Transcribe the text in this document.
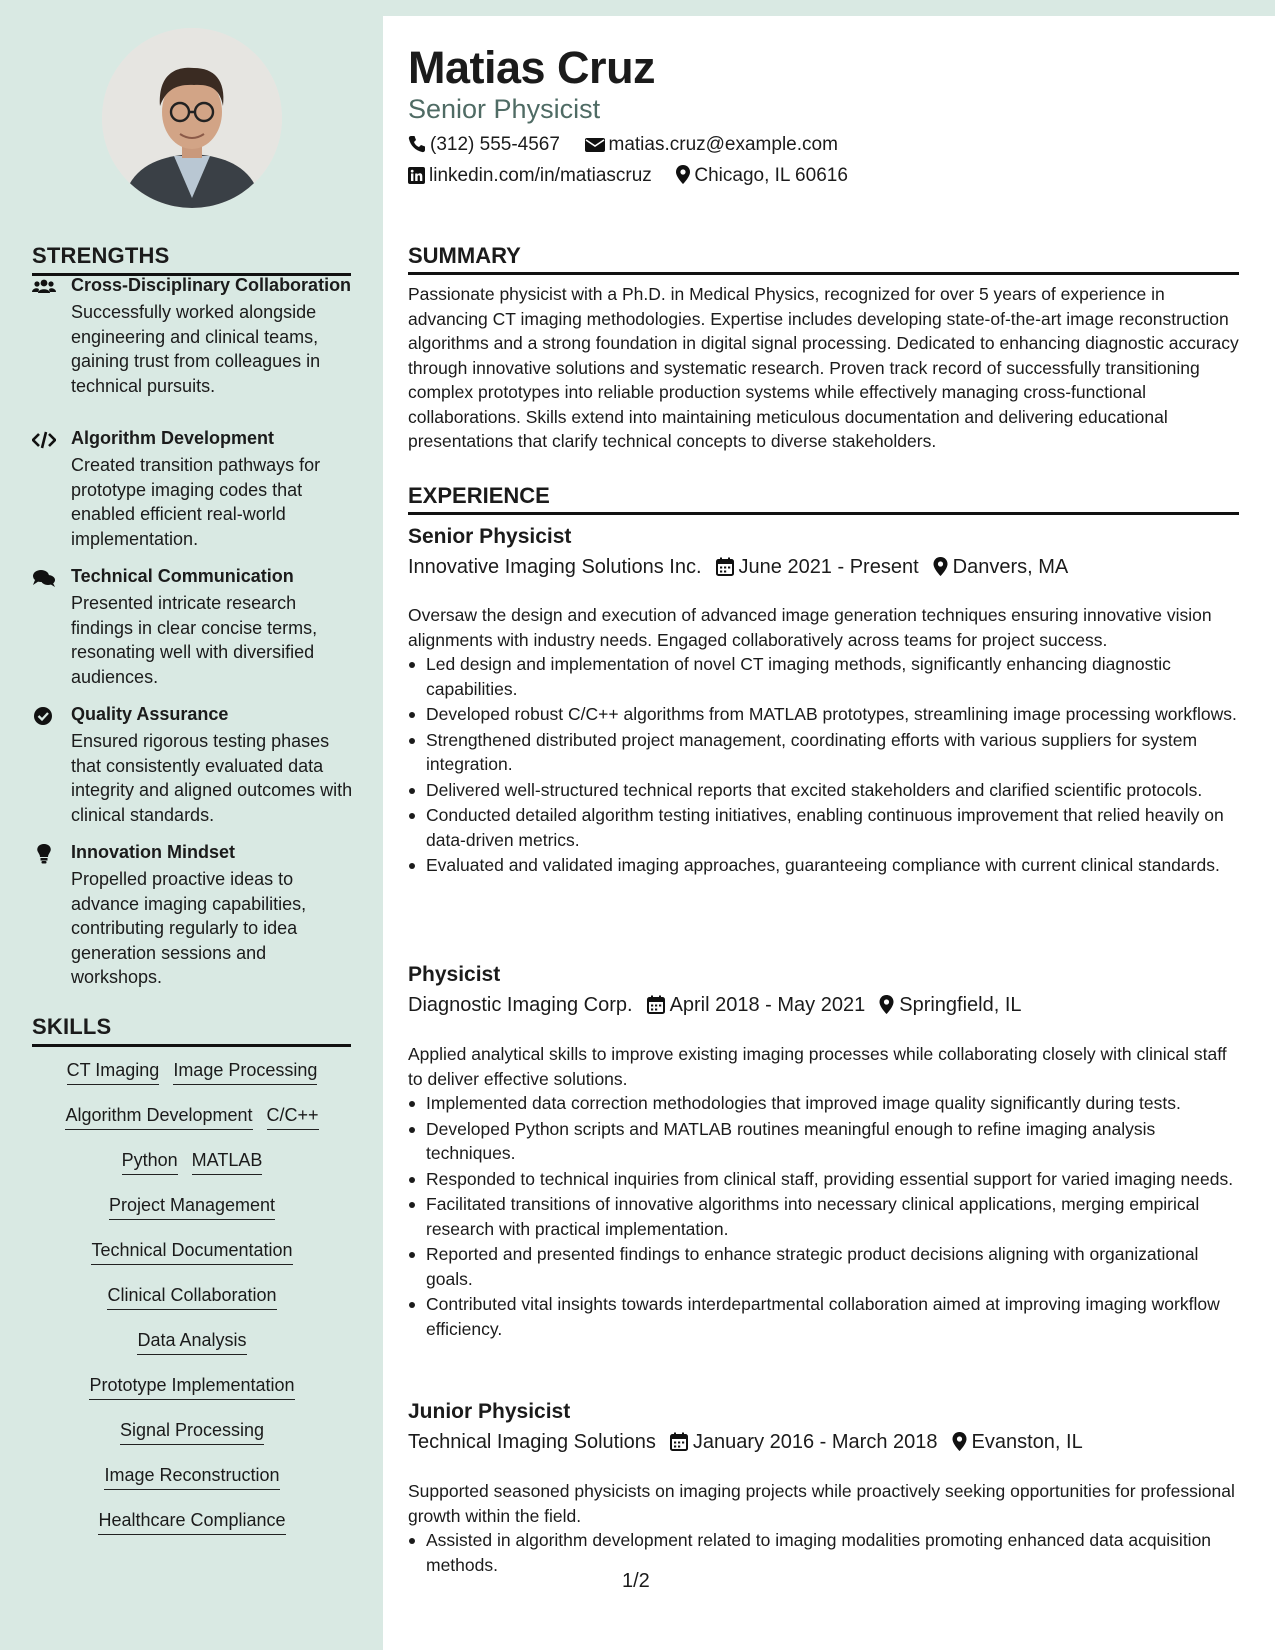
STRENGTHS
Cross-Disciplinary Collaboration
Successfully worked alongside engineering and clinical teams, gaining trust from colleagues in technical pursuits.
Algorithm Development
Created transition pathways for prototype imaging codes that enabled efficient real-world implementation.
Technical Communication
Presented intricate research findings in clear concise terms, resonating well with diversified audiences.
Quality Assurance
Ensured rigorous testing phases that consistently evaluated data integrity and aligned outcomes with clinical standards.
Innovation Mindset
Propelled proactive ideas to advance imaging capabilities, contributing regularly to idea generation sessions and workshops.
SKILLS
CT Imaging Image Processing
Algorithm Development C/C++
Python MATLAB
Project Management
Technical Documentation
Clinical Collaboration
Data Analysis
Prototype Implementation
Signal Processing
Image Reconstruction
Healthcare Compliance
Matias Cruz
Senior Physicist
(312) 555-4567	matias.cruz@example.com
linkedin.com/in/matiascruz Chicago, IL 60616
SUMMARY
Passionate physicist with a Ph.D. in Medical Physics, recognized for over 5 years of experience in advancing CT imaging methodologies. Expertise includes developing state-of-the-art image reconstruction algorithms and a strong foundation in digital signal processing. Dedicated to enhancing diagnostic accuracy through innovative solutions and systematic research. Proven track record of successfully transitioning complex prototypes into reliable production systems while effectively managing cross-functional collaborations. Skills extend into maintaining meticulous documentation and delivering educational presentations that clarify technical concepts to diverse stakeholders.
EXPERIENCE
Senior Physicist
Innovative Imaging Solutions Inc. June 2021 - Present Danvers, MA
Oversaw the design and execution of advanced image generation techniques ensuring innovative vision alignments with industry needs. Engaged collaboratively across teams for project success.
Led design and implementation of novel CT imaging methods, significantly enhancing diagnostic capabilities.
Developed robust C/C++ algorithms from MATLAB prototypes, streamlining image processing workflows.
Strengthened distributed project management, coordinating efforts with various suppliers for system integration.
Delivered well-structured technical reports that excited stakeholders and clarified scientific protocols.
Conducted detailed algorithm testing initiatives, enabling continuous improvement that relied heavily on data-driven metrics.
Evaluated and validated imaging approaches, guaranteeing compliance with current clinical standards.
Physicist
Diagnostic Imaging Corp. April 2018 - May 2021 Springfield, IL
Applied analytical skills to improve existing imaging processes while collaborating closely with clinical staff to deliver effective solutions.
Implemented data correction methodologies that improved image quality significantly during tests.
Developed Python scripts and MATLAB routines meaningful enough to refine imaging analysis techniques.
Responded to technical inquiries from clinical staff, providing essential support for varied imaging needs.
Facilitated transitions of innovative algorithms into necessary clinical applications, merging empirical research with practical implementation.
Reported and presented findings to enhance strategic product decisions aligning with organizational goals.
Contributed vital insights towards interdepartmental collaboration aimed at improving imaging workflow efficiency.
Junior Physicist
Technical Imaging Solutions January 2016 - March 2018 Evanston, IL
Supported seasoned physicists on imaging projects while proactively seeking opportunities for professional growth within the field.
Assisted in algorithm development related to imaging modalities promoting enhanced data acquisition methods.
1/2
